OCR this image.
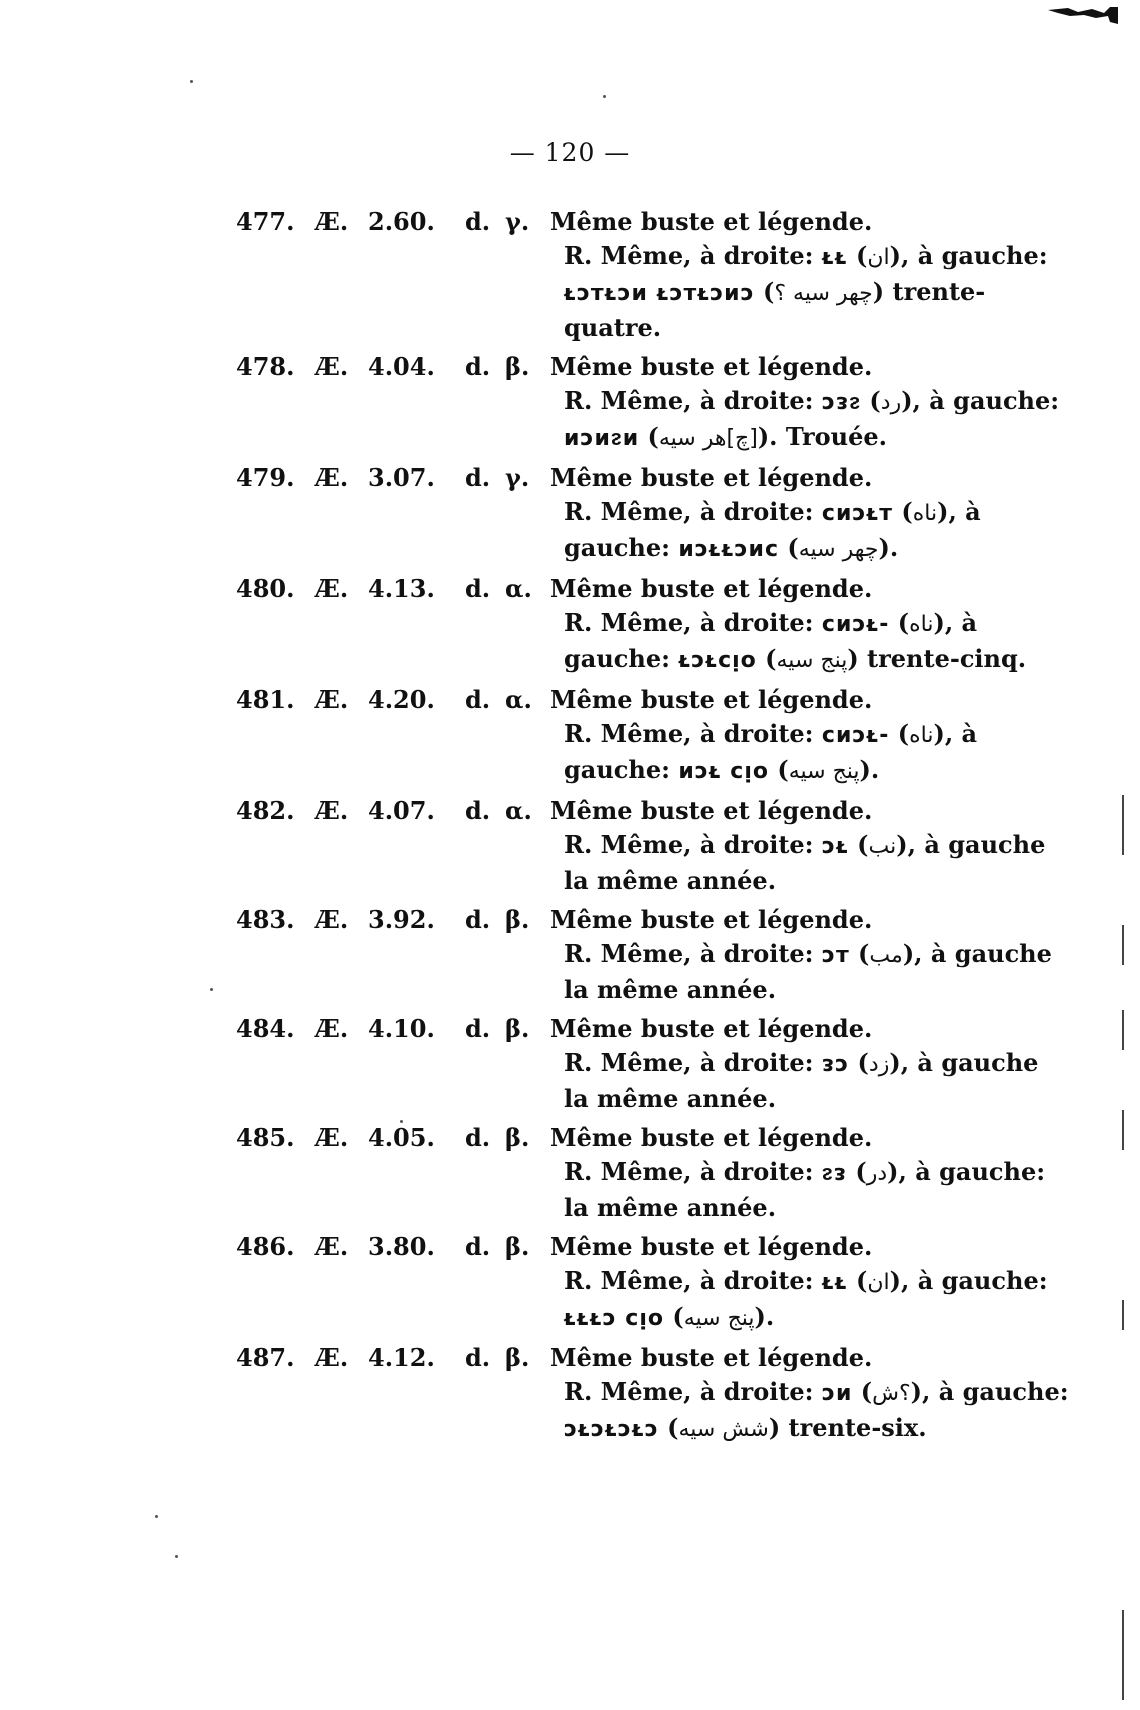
— 120 —
477. Æ. 2.60. d. γ. Même buste et légende.
R. Même, à droite: ᴌᴌ (ان), à gauche:
ᴌᴐᴛᴌᴐᴎ ᴌᴐᴛᴌᴐᴎᴐ (چهر سیه ؟) trente-
quatre.
478. Æ. 4.04. d. β. Même buste et légende.
R. Même, à droite: ᴐᴈᴤ (رد), à gauche:
ᴎᴐᴎᴤᴎ ([چ]هر سیه). Trouée.
479. Æ. 3.07. d. γ. Même buste et légende.
R. Même, à droite: ᴄᴎᴐᴌᴛ (ناه), à
gauche: ᴎᴐᴌᴌᴐᴎᴄ (چهر سیه).
480. Æ. 4.13. d. α. Même buste et légende.
R. Même, à droite: ᴄᴎᴐᴌ- (ناه), à
gauche: ᴌᴐᴌᴄᴉᴏ (پنج سیه) trente-cinq.
481. Æ. 4.20. d. α. Même buste et légende.
R. Même, à droite: ᴄᴎᴐᴌ- (ناه), à
gauche: ᴎᴐᴌ ᴄᴉᴏ (پنج سیه).
482. Æ. 4.07. d. α. Même buste et légende.
R. Même, à droite: ᴐᴌ (نب), à gauche
la même année.
483. Æ. 3.92. d. β. Même buste et légende.
R. Même, à droite: ᴐᴛ (مب), à gauche
la même année.
484. Æ. 4.10. d. β. Même buste et légende.
R. Même, à droite: ᴈᴐ (زد), à gauche
la même année.
485. Æ. 4.05. d. β. Même buste et légende.
R. Même, à droite: ᴤᴈ (در), à gauche:
la même année.
486. Æ. 3.80. d. β. Même buste et légende.
R. Même, à droite: ᴌᴌ (ان), à gauche:
ᴌᴌᴌᴐ ᴄᴉᴏ (پنج سیه).
487. Æ. 4.12. d. β. Même buste et légende.
R. Même, à droite: ᴐᴎ (؟ش), à gauche:
ᴐᴌᴐᴌᴐᴌᴐ (شش سیه) trente-six.
